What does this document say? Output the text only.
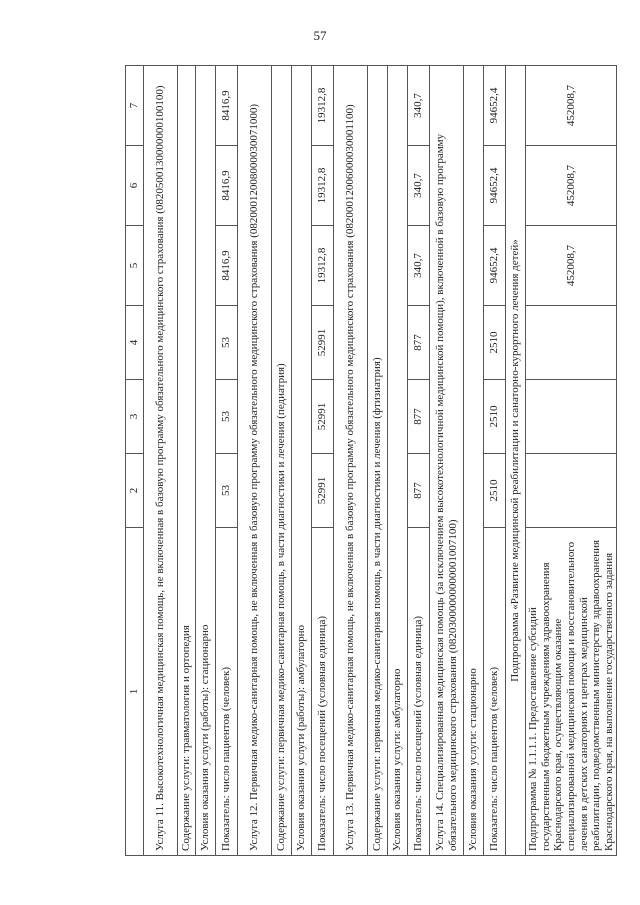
57
1	2	3	4	5	6	7
Услуга 11. Высокотехнологичная медицинская помощь, не включенная в базовую программу обязательного медицинского страхования (0820500130000000100100)						
Содержание услуги: травматология и ортопедия						
Условия оказания услуги (работы): стационарно						
Показатель: число пациентов (человек)	53	53	53	8416,9	8416,9	8416,9
Услуга 12. Первичная медико-санитарная помощь, не включенная в базовую программу обязательного медицинского страхования (08200012008000030071000)						
Содержание услуги: первичная медико-санитарная помощь, в части диагностики и лечения (педиатрия)						
Условия оказания услуги (работы): амбулаторно						
Показатель: число посещений (условная единица)	52991	52991	52991	19312,8	19312,8	19312,8
Услуга 13. Первичная медико-санитарная помощь, не включенная в базовую программу обязательного медицинского страхования (08200012006000030001100)						
Содержание услуги: первичная медико-санитарная помощь, в части диагностики и лечения (фтизиатрия)						
Условия оказания услуги: амбулаторно						
Показатель: число посещений (условная единица)	877	877	877	340,7	340,7	340,7
Услуга 14. Специализированная медицинская помощь (за исключением высокотехнологичной медицинской помощи), включенной в базовую программу обязательного медицинского страхования (08203000000000001007100)						
Условия оказания услуги: стационарно						
Показатель: число пациентов (человек)	2510	2510	2510	94652,4	94652,4	94652,4
Подпрограмма «Развитие медицинской реабилитации и санаторно-курортного лечения детей»						
Подпрограмма № 1.1.1.1. Предоставление субсидий государственным бюджетным учреждениям здравоохранения Краснодарского края, осуществляющим оказание специализированной медицинской помощи и восстановительного лечения в детских санаториях и центрах медицинской реабилитации, подведомственным министерству здравоохранения Краснодарского края, на выполнение государственного задания				452008,7	452008,7	452008,7
